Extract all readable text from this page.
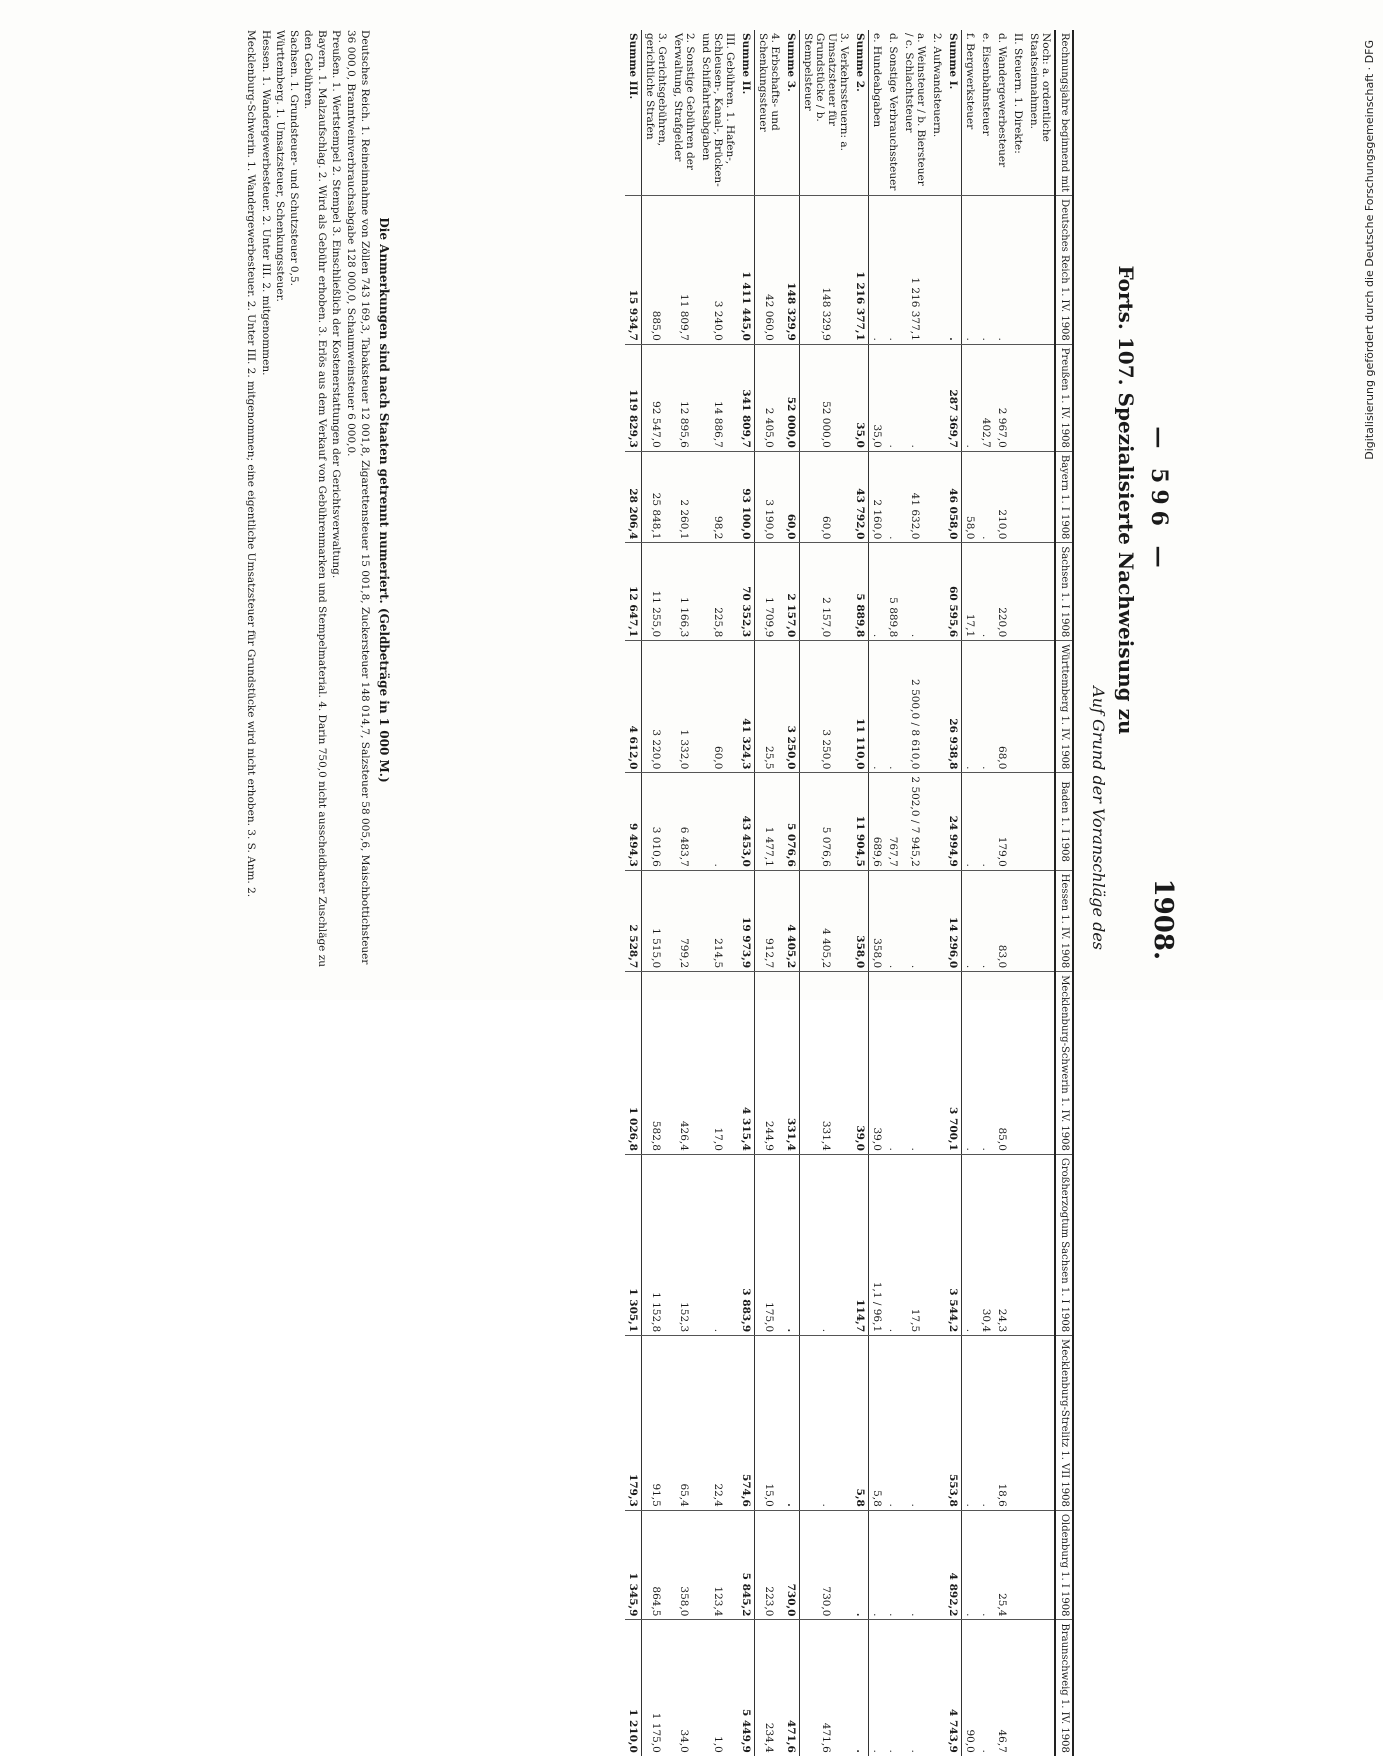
— 596 —
1908.
Forts. 107. Spezialisierte Nachweisung zu
Auf Grund der Voranschläge des
Rechnungsjahre beginnend mit	Deutsches Reich 1. IV. 1908	Preußen 1. IV. 1908	Bayern 1. I 1908	Sachsen 1. I 1908	Württemberg 1. IV. 1908	Baden 1. I 1908	Hessen 1. IV. 1908	Mecklenburg-Schwerin 1. IV. 1908	Großherzogtum Sachsen 1. I 1908	Mecklenburg-Strelitz 1. VII 1908	Oldenburg 1. I 1908	Braunschweig 1. IV. 1908
Noch: a. ordentliche Staatseinnahmen.												
II. Steuern. 1. Direkte:												
d. Wandergewerbesteuer	.	2 967,0	210,0	220,0	68,0	179,0	83,0	85,0	24,3	18,6	25,4	46,7
e. Eisenbahnsteuer	.	402,7	.	.	.	.	.	.	30,4	.	.	.
f. Bergwerksteuer	.	.	58,0	17,1	.	.	.	.	.	.	.	90,0
Summe I.	.	287 369,7	46 058,0	60 595,6	26 938,8	24 994,9	14 296,0	3 700,1	3 544,2	553,8	4 892,2	4 743,9
2. Aufwandsteuern.												
a. Weinsteuer / b. Biersteuer / c. Schlachtsteuer	1 216 377,1	.	41 632,0	.	2 500,0 / 8 610,0	2 502,0 / 7 945,2	.	.	17,5	.	.	.
d. Sonstige Verbrauchssteuer	.	.	.	5 889,8	.	767,7	.	.	.	.	.	.
e. Hundeabgaben	.	35,0	2 160,0	.	.	689,6	358,0	39,0	1,1 / 96,1	5,8	.	.
Summe 2.	1 216 377,1	35,0	43 792,0	5 889,8	11 110,0	11 904,5	358,0	39,0	114,7	5,8	.	.
3. Verkehrssteuern: a. Umsatzsteuer für Grundstücke / b. Stempelsteuer	148 329,9	52 000,0	60,0	2 157,0	3 250,0	5 076,6	4 405,2	331,4	.	.	730,0	471,6
Summe 3.	148 329,9	52 000,0	60,0	2 157,0	3 250,0	5 076,6	4 405,2	331,4	.	.	730,0	471,6
4. Erbschafts- und Schenkungssteuer	42 060,0	2 405,0	3 190,0	1 709,9	25,5	1 477,1	912,7	244,9	175,0	15,0	223,0	234,4
Summe II.	1 411 445,0	341 809,7	93 100,0	70 352,3	41 324,3	43 453,0	19 973,9	4 315,4	3 883,9	574,6	5 845,2	5 449,9
III. Gebühren. 1. Hafen-, Schleusen-, Kanal-, Brücken- und Schiffahrtsabgaben	3 240,0	14 886,7	98,2	225,8	60,0	.	214,5	17,0	.	22,4	123,4	1,0
2. Sonstige Gebühren der Verwaltung, Strafgelder	11 809,7	12 895,6	2 260,1	1 166,3	1 332,0	6 483,7	799,2	426,4	152,3	65,4	358,0	34,0
3. Gerichtsgebühren, gerichtliche Strafen	885,0	92 547,0	25 848,1	11 255,0	3 220,0	3 010,6	1 515,0	582,8	1 152,8	91,5	864,5	1 175,0
Summe III.	15 934,7	119 829,3	28 206,4	12 647,1	4 612,0	9 494,3	2 528,7	1 026,8	1 305,1	179,3	1 345,9	1 210,0
Die Anmerkungen sind nach Staaten getrennt numeriert. (Geldbeträge in 1 000 M.)
Deutsches Reich. 1. Reineinnahme von Zöllen 743 169,3, Tabaksteuer 12 001,8, Zigarettensteuer 15 001,8, Zuckersteuer 148 014,7, Salzsteuer 58 005,6, Maischbottichsteuer 36 000,0, Branntweinverbrauchsabgabe 128 000,0, Schaumweinsteuer 6 000,0.
Preußen. 1. Wertstempel 2. Stempel 3. Einschließlich der Kostenerstattungen der Gerichtsverwaltung.
Bayern. 1. Malzaufschlag. 2. Wird als Gebühr erhoben. 3. Erlös aus dem Verkauf von Gebührenmarken und Stempelmaterial. 4. Darin 750,0 nicht ausscheidbarer Zuschläge zu den Gebühren.
Sachsen. 1. Grundsteuer- und Schutzsteuer 0,5.
Württemberg. 1. Umsatzsteuer, Schenkungssteuer.
Hessen. 1. Wandergewerbesteuer. 2. Unter III. 2. mitgenommen.
Mecklenburg-Schwerin. 1. Wandergewerbesteuer. 2. Unter III. 2. mitgenommen; eine eigentliche Umsatzsteuer für Grundstücke wird nicht erhoben. 3. S. Anm. 2.	Digitalisierung gefördert durch die Deutsche Forschungsgemeinschaft · DFG
